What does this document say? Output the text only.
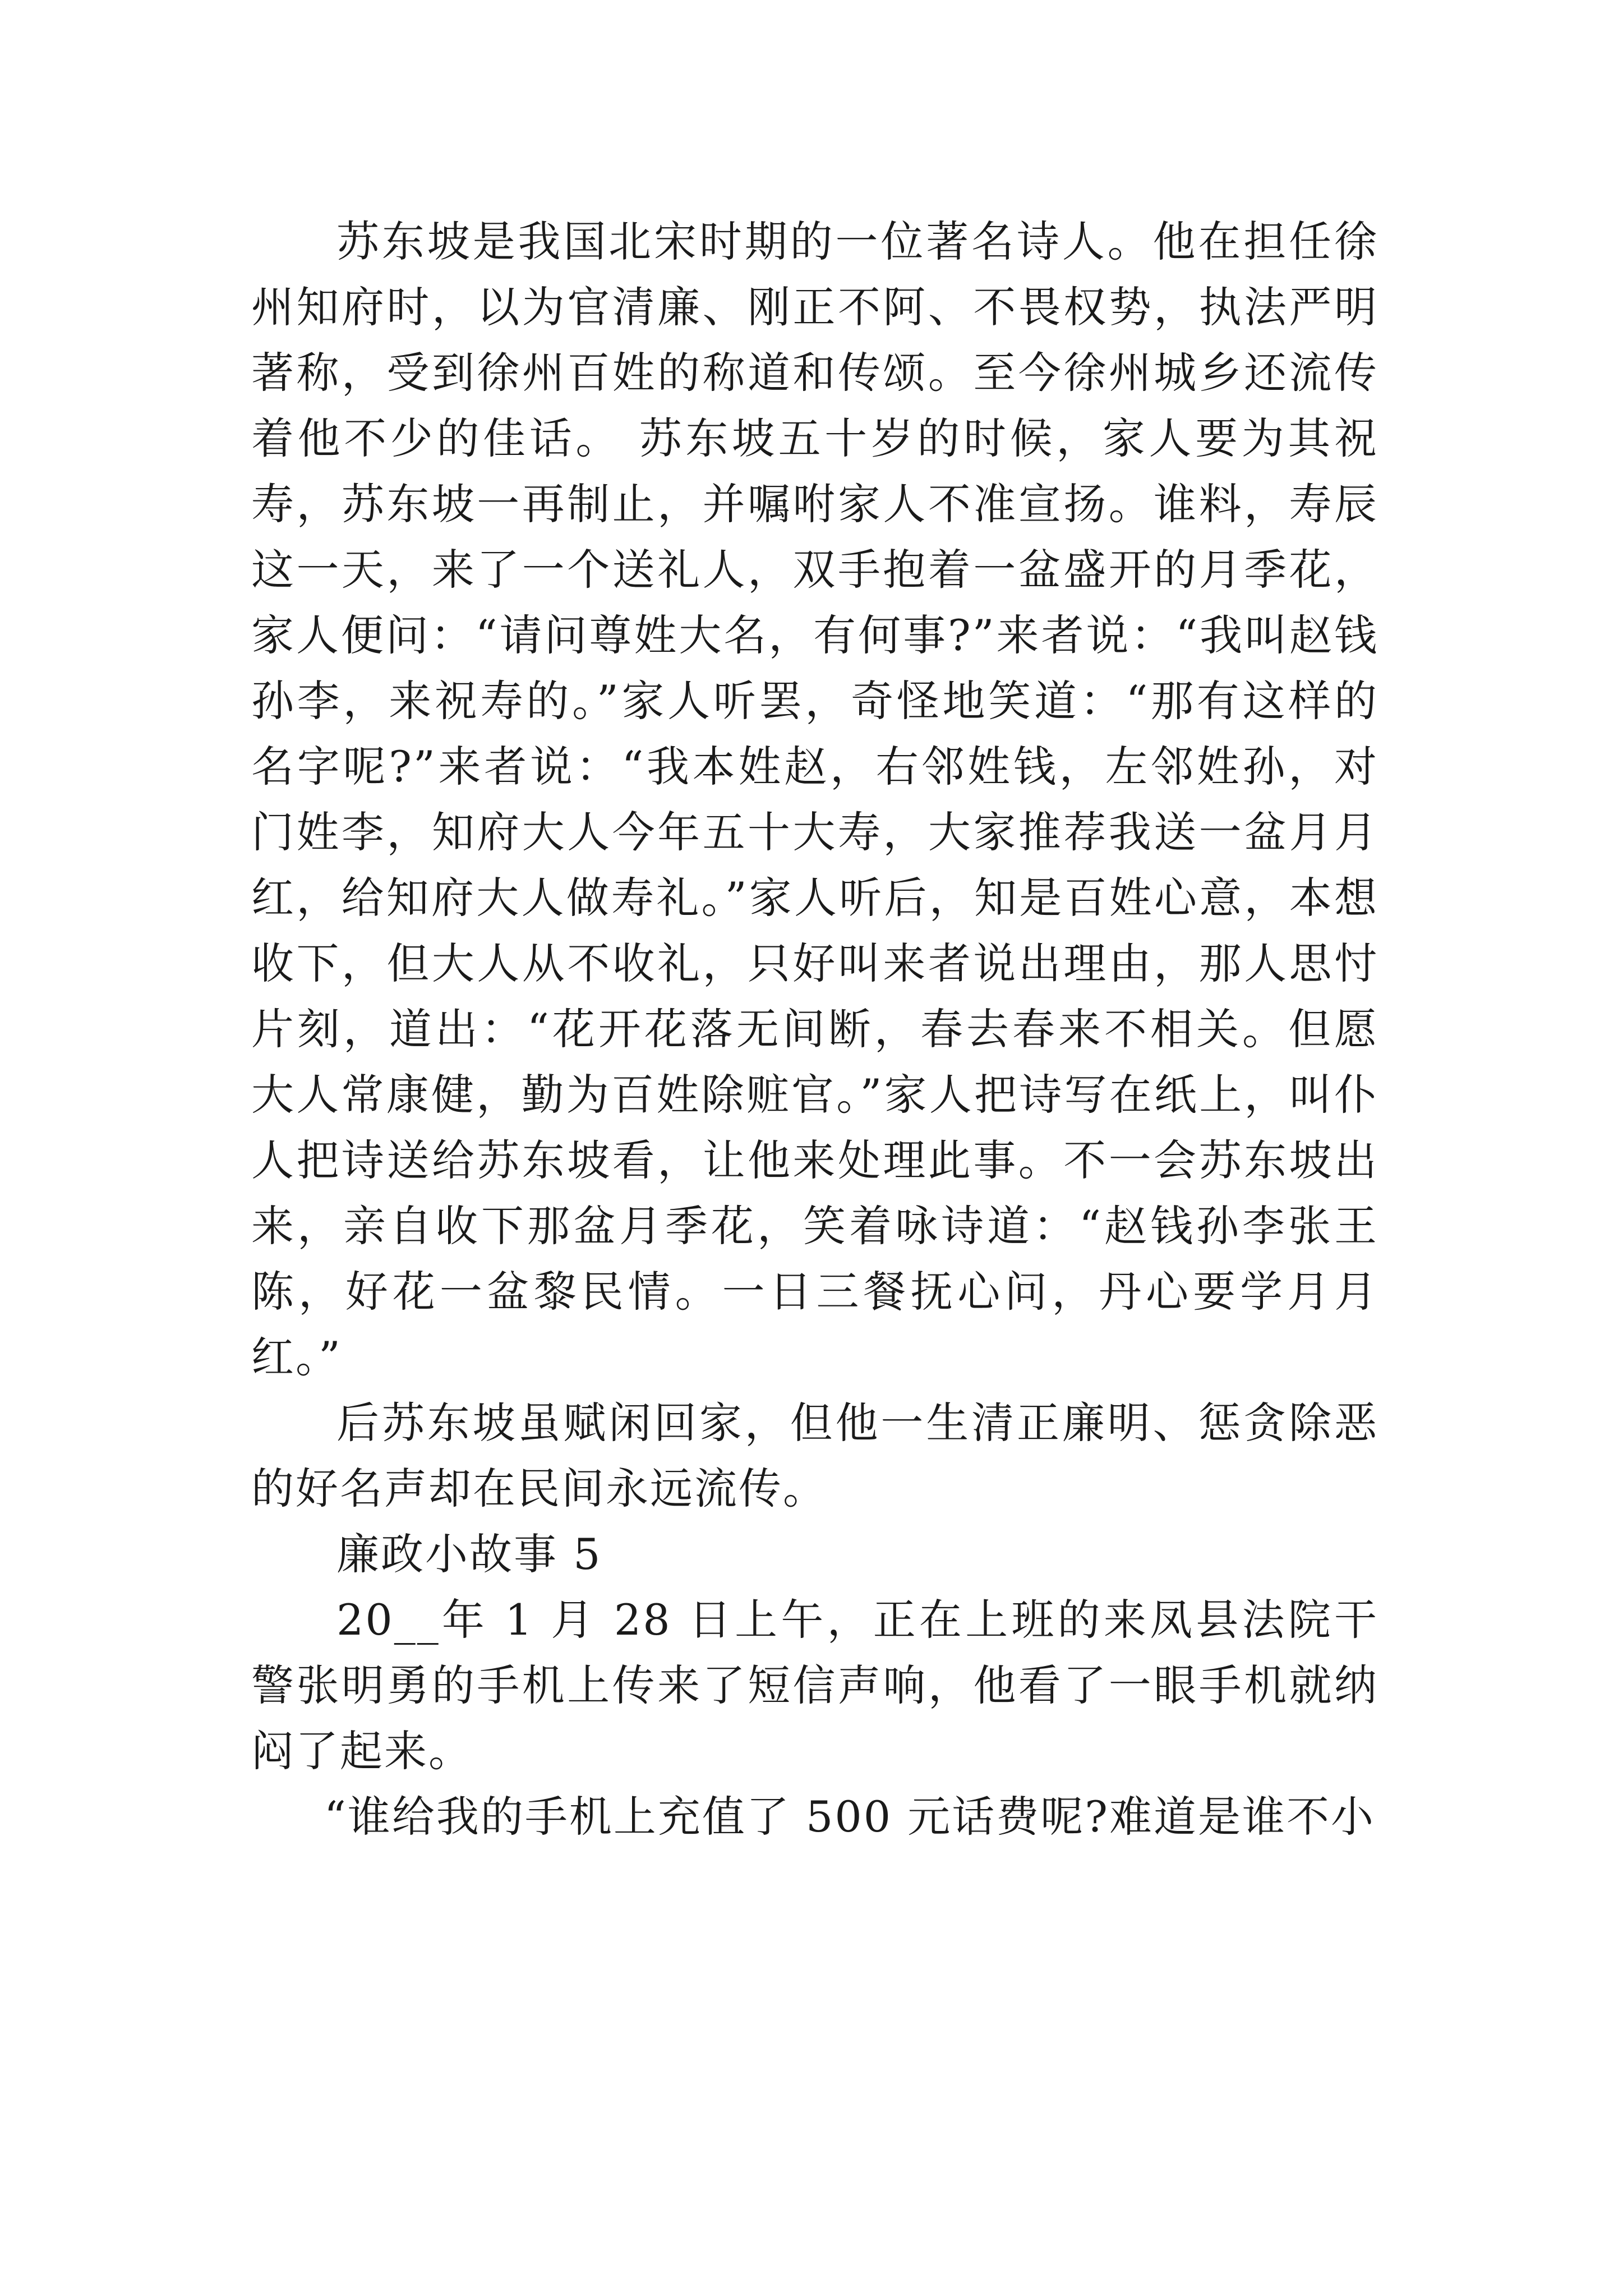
苏东坡是我国北宋时期的一位著名诗人。他在担任徐州知府时，以为官清廉、刚正不阿、不畏权势，执法严明著称，受到徐州百姓的称道和传颂。至今徐州城乡还流传着他不少的佳话。 苏东坡五十岁的时候，家人要为其祝寿，苏东坡一再制止，并嘱咐家人不准宣扬。谁料，寿辰这一天，来了一个送礼人，双手抱着一盆盛开的月季花，家人便问：“请问尊姓大名，有何事?”来者说：“我叫赵钱孙李，来祝寿的。”家人听罢，奇怪地笑道：“那有这样的名字呢?”来者说：“我本姓赵，右邻姓钱，左邻姓孙，对门姓李，知府大人今年五十大寿，大家推荐我送一盆月月红，给知府大人做寿礼。”家人听后，知是百姓心意，本想收下，但大人从不收礼，只好叫来者说出理由，那人思忖片刻，道出：“花开花落无间断，春去春来不相关。但愿大人常康健，勤为百姓除赃官。”家人把诗写在纸上，叫仆人把诗送给苏东坡看，让他来处理此事。不一会苏东坡出来，亲自收下那盆月季花，笑着咏诗道：“赵钱孙李张王陈，好花一盆黎民情。一日三餐抚心问，丹心要学月月红。”

后苏东坡虽赋闲回家，但他一生清正廉明、惩贪除恶的好名声却在民间永远流传。

廉政小故事 5

20__年 1 月 28 日上午，正在上班的来凤县法院干警张明勇的手机上传来了短信声响，他看了一眼手机就纳闷了起来。

“谁给我的手机上充值了 500 元话费呢?难道是谁不小
